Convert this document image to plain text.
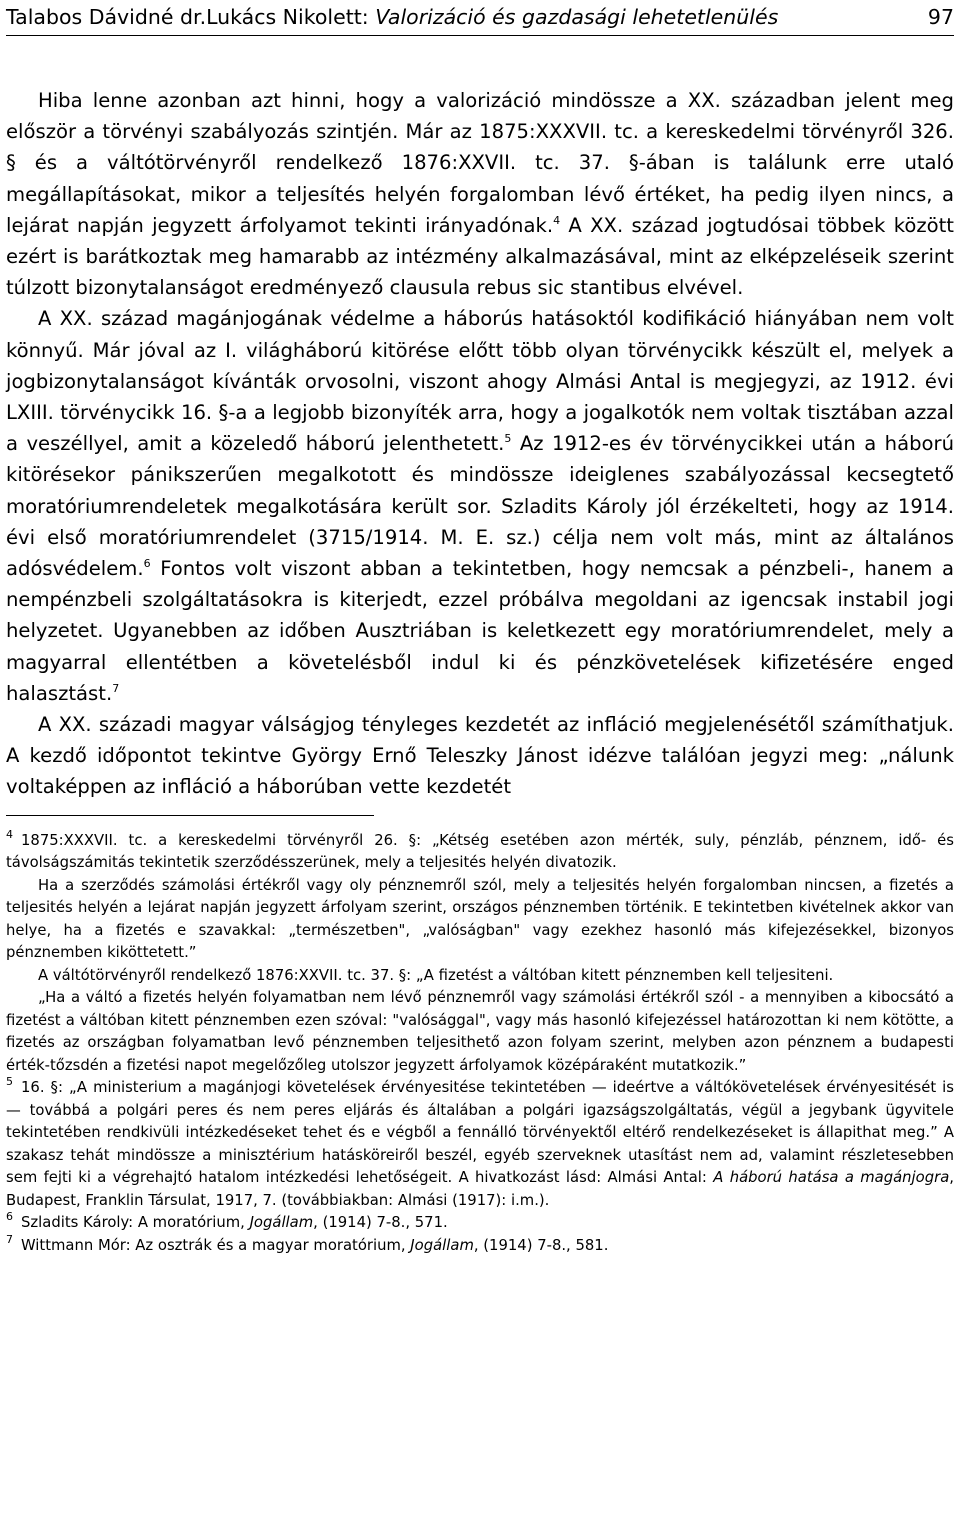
Talabos Dávidné dr.Lukács Nikolett: Valorizáció és gazdasági lehetetlenülés	97

Hiba lenne azonban azt hinni, hogy a valorizáció mindössze a XX. században jelent meg először a törvényi szabályozás szintjén. Már az 1875:XXXVII. tc. a kereskedelmi törvényről 326. § és a váltótörvényről rendelkező 1876:XXVII. tc. 37. §-ában is találunk erre utaló megállapításokat, mikor a teljesítés helyén forgalomban lévő értéket, ha pedig ilyen nincs, a lejárat napján jegyzett árfolyamot tekinti irányadónak.$^4$ A XX. század jogtudósai többek között ezért is barátkoztak meg hamarabb az intézmény alkalmazásával, mint az elképzeléseik szerint túlzott bizonytalanságot eredményező clausula rebus sic stantibus elvével.

A XX. század magánjogának védelme a háborús hatásoktól kodifikáció hiányában nem volt könnyű. Már jóval az I. világháború kitörése előtt több olyan törvénycikk készült el, melyek a jogbizonytalanságot kívánták orvosolni, viszont ahogy Almási Antal is megjegyzi, az 1912. évi LXIII. törvénycikk 16. §-a a legjobb bizonyíték arra, hogy a jogalkotók nem voltak tisztában azzal a veszéllyel, amit a közeledő háború jelenthetett.$^5$ Az 1912-es év törvénycikkei után a háború kitörésekor pánikszerűen megalkotott és mindössze ideiglenes szabályozással kecsegtető moratóriumrendeletek megalkotására került sor. Szladits Károly jól érzékelteti, hogy az 1914. évi első moratóriumrendelet (3715/1914. M. E. sz.) célja nem volt más, mint az általános adósvédelem.$^6$ Fontos volt viszont abban a tekintetben, hogy nemcsak a pénzbeli-, hanem a nempénzbeli szolgáltatásokra is kiterjedt, ezzel próbálva megoldani az igencsak instabil jogi helyzetet. Ugyanebben az időben Ausztriában is keletkezett egy moratóriumrendelet, mely a magyarral ellentétben a követelésből indul ki és pénzkövetelések kifizetésére enged halasztást.$^7$

A XX. századi magyar válságjog tényleges kezdetét az infláció megjelenésétől számíthatjuk. A kezdő időpontot tekintve György Ernő Teleszky Jánost idézve találóan jegyzi meg: „nálunk voltaképpen az infláció a háborúban vette kezdetét

$^4$ 1875:XXXVII. tc. a kereskedelmi törvényről 26. §: „Kétség esetében azon mérték, suly, pénzláb, pénznem, idő- és távolságszámitás tekintetik szerződésszerünek, mely a teljesités helyén divatozik.

Ha a szerződés számolási értékről vagy oly pénznemről szól, mely a teljesités helyén forgalomban nincsen, a fizetés a teljesités helyén a lejárat napján jegyzett árfolyam szerint, országos pénznemben történik. E tekintetben kivételnek akkor van helye, ha a fizetés e szavakkal: „természetben", „valóságban" vagy ezekhez hasonló más kifejezésekkel, bizonyos pénznemben kiköttetett.”

A váltótörvényről rendelkező 1876:XXVII. tc. 37. §: „A fizetést a váltóban kitett pénznemben kell teljesiteni.

„Ha a váltó a fizetés helyén folyamatban nem lévő pénznemről vagy számolási értékről szól - a mennyiben a kibocsátó a fizetést a váltóban kitett pénznemben ezen szóval: "valósággal", vagy más hasonló kifejezéssel határozottan ki nem kötötte, a fizetés az országban folyamatban levő pénznemben teljesithető azon folyam szerint, melyben azon pénznem a budapesti érték-tőzsdén a fizetési napot megelőzőleg utolszor jegyzett árfolyamok középáraként mutatkozik.”

$^5$ 16. §: „A ministerium a magánjogi követelések érvényesitése tekintetében — ideértve a váltókövetelések érvényesitését is — továbbá a polgári peres és nem peres eljárás és általában a polgári igazságszolgáltatás, végül a jegybank ügyvitele tekintetében rendkivüli intézkedéseket tehet és e végből a fennálló törvényektől eltérő rendelkezéseket is állapithat meg.” A szakasz tehát mindössze a minisztérium hatásköreiről beszél, egyéb szerveknek utasítást nem ad, valamint részletesebben sem fejti ki a végrehajtó hatalom intézkedési lehetőségeit. A hivatkozást lásd: Almási Antal: A háború hatása a magánjogra, Budapest, Franklin Társulat, 1917, 7. (továbbiakban: Almási (1917): i.m.).

$^6$ Szladits Károly: A moratórium, Jogállam, (1914) 7-8., 571.

$^7$ Wittmann Mór: Az osztrák és a magyar moratórium, Jogállam, (1914) 7-8., 581.
